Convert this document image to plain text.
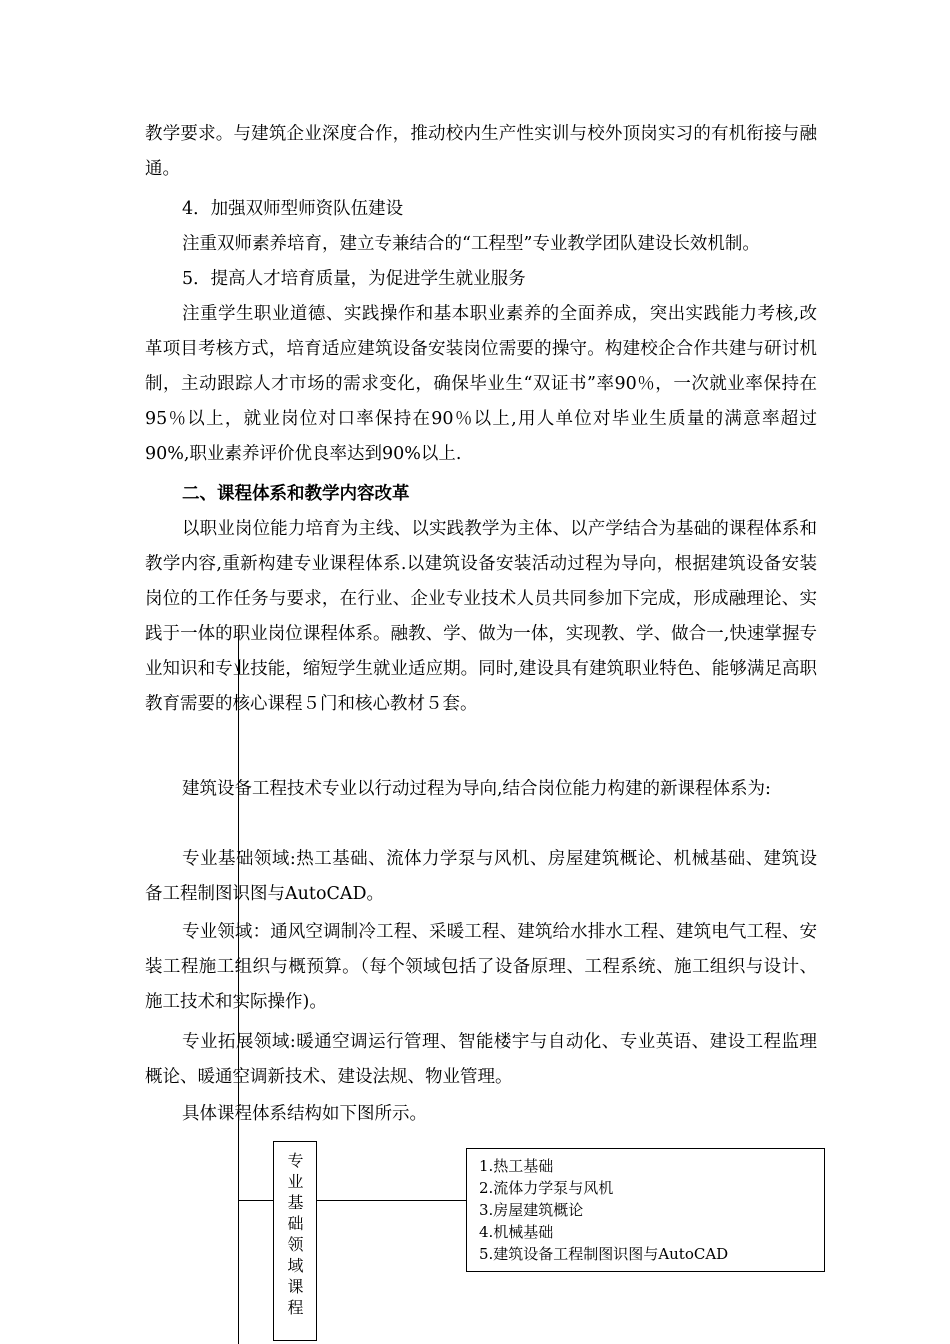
教学要求。与建筑企业深度合作，推动校内生产性实训与校外顶岗实习的有机衔接与融通。

4．加强双师型师资队伍建设

注重双师素养培育，建立专兼结合的“工程型”专业教学团队建设长效机制。

5．提高人才培育质量，为促进学生就业服务

注重学生职业道德、实践操作和基本职业素养的全面养成，突出实践能力考核,改革项目考核方式，培育适应建筑设备安装岗位需要的操守。构建校企合作共建与研讨机制，主动跟踪人才市场的需求变化，确保毕业生“双证书”率90％，一次就业率保持在95％以上，就业岗位对口率保持在90％以上,用人单位对毕业生质量的满意率超过90%,职业素养评价优良率达到90%以上.

二、课程体系和教学内容改革

以职业岗位能力培育为主线、以实践教学为主体、以产学结合为基础的课程体系和教学内容,重新构建专业课程体系.以建筑设备安装活动过程为导向，根据建筑设备安装岗位的工作任务与要求，在行业、企业专业技术人员共同参加下完成，形成融理论、实践于一体的职业岗位课程体系。融教、学、做为一体，实现教、学、做合一,快速掌握专业知识和专业技能，缩短学生就业适应期。同时,建设具有建筑职业特色、能够满足高职教育需要的核心课程５门和核心教材５套。

建筑设备工程技术专业以行动过程为导向,结合岗位能力构建的新课程体系为:

专业基础领域:热工基础、流体力学泵与风机、房屋建筑概论、机械基础、建筑设备工程制图识图与AutoCAD。

专业领域：通风空调制冷工程、采暖工程、建筑给水排水工程、建筑电气工程、安装工程施工组织与概预算。（每个领域包括了设备原理、工程系统、施工组织与设计、施工技术和实际操作)。

专业拓展领域:暖通空调运行管理、智能楼宇与自动化、专业英语、建设工程监理概论、暖通空调新技术、建设法规、物业管理。

具体课程体系结构如下图所示。

专业基础领域课程	1.热工基础
2.流体力学泵与风机
3.房屋建筑概论
4.机械基础
5.建筑设备工程制图识图与AutoCAD
